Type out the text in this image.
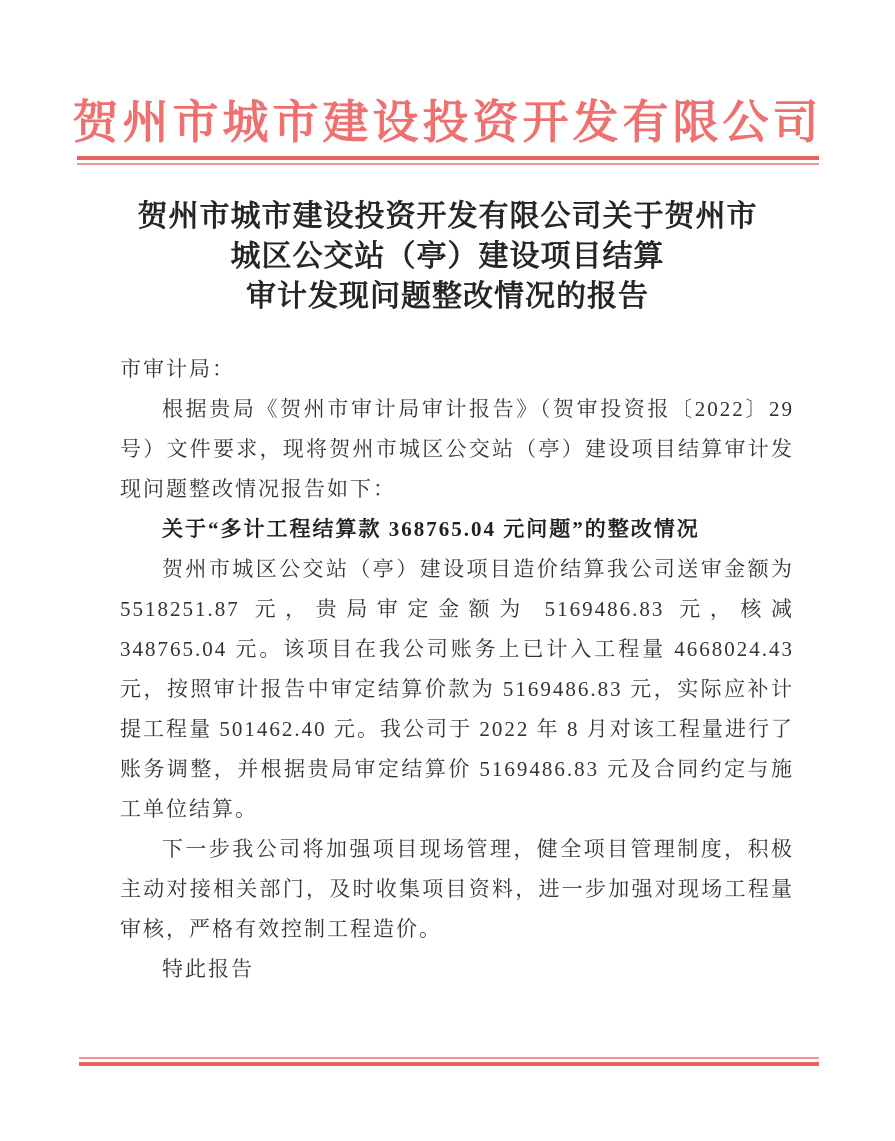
贺州市城市建设投资开发有限公司
贺州市城市建设投资开发有限公司关于贺州市
城区公交站（亭）建设项目结算
审计发现问题整改情况的报告

市审计局：

根据贵局《贺州市审计局审计报告》（贺审投资报〔2022〕29 号）文件要求，现将贺州市城区公交站（亭）建设项目结算审计发现问题整改情况报告如下：

关于“多计工程结算款 368765.04 元问题”的整改情况

贺州市城区公交站（亭）建设项目造价结算我公司送审金额为 5518251.87 元，贵局审定金额为 5169486.83 元，核减 348765.04 元。该项目在我公司账务上已计入工程量 4668024.43 元，按照审计报告中审定结算价款为 5169486.83 元，实际应补计提工程量 501462.40 元。我公司于 2022 年 8 月对该工程量进行了账务调整，并根据贵局审定结算价 5169486.83 元及合同约定与施工单位结算。

下一步我公司将加强项目现场管理，健全项目管理制度，积极主动对接相关部门，及时收集项目资料，进一步加强对现场工程量审核，严格有效控制工程造价。

特此报告
